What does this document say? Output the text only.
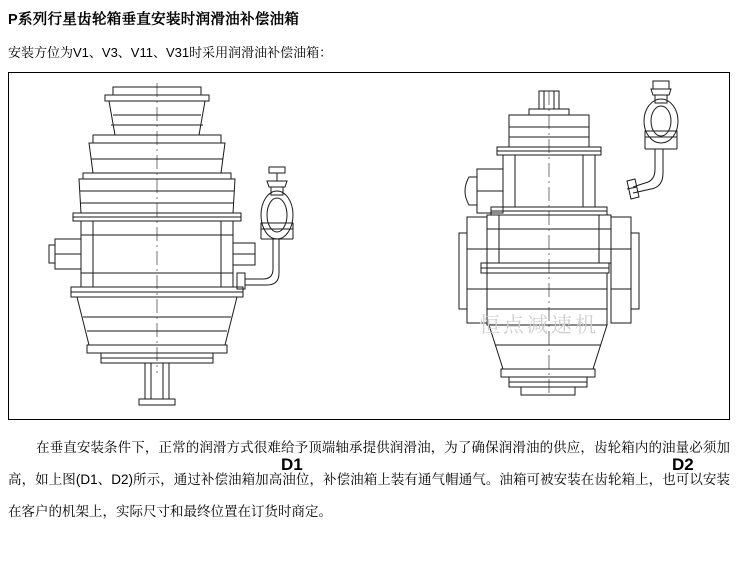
P系列行星齿轮箱垂直安装时润滑油补偿油箱
安装方位为V1、V3、V11、V31时采用润滑油补偿油箱：
恒点减速机
D1	D2

在垂直安装条件下，正常的润滑方式很难给予顶端轴承提供润滑油，为了确保润滑油的供应，齿轮箱内的油量必须加高，如上图(D1、D2)所示，通过补偿油箱加高油位，补偿油箱上装有通气帽通气。油箱可被安装在齿轮箱上，也可以安装在客户的机架上，实际尺寸和最终位置在订货时商定。
